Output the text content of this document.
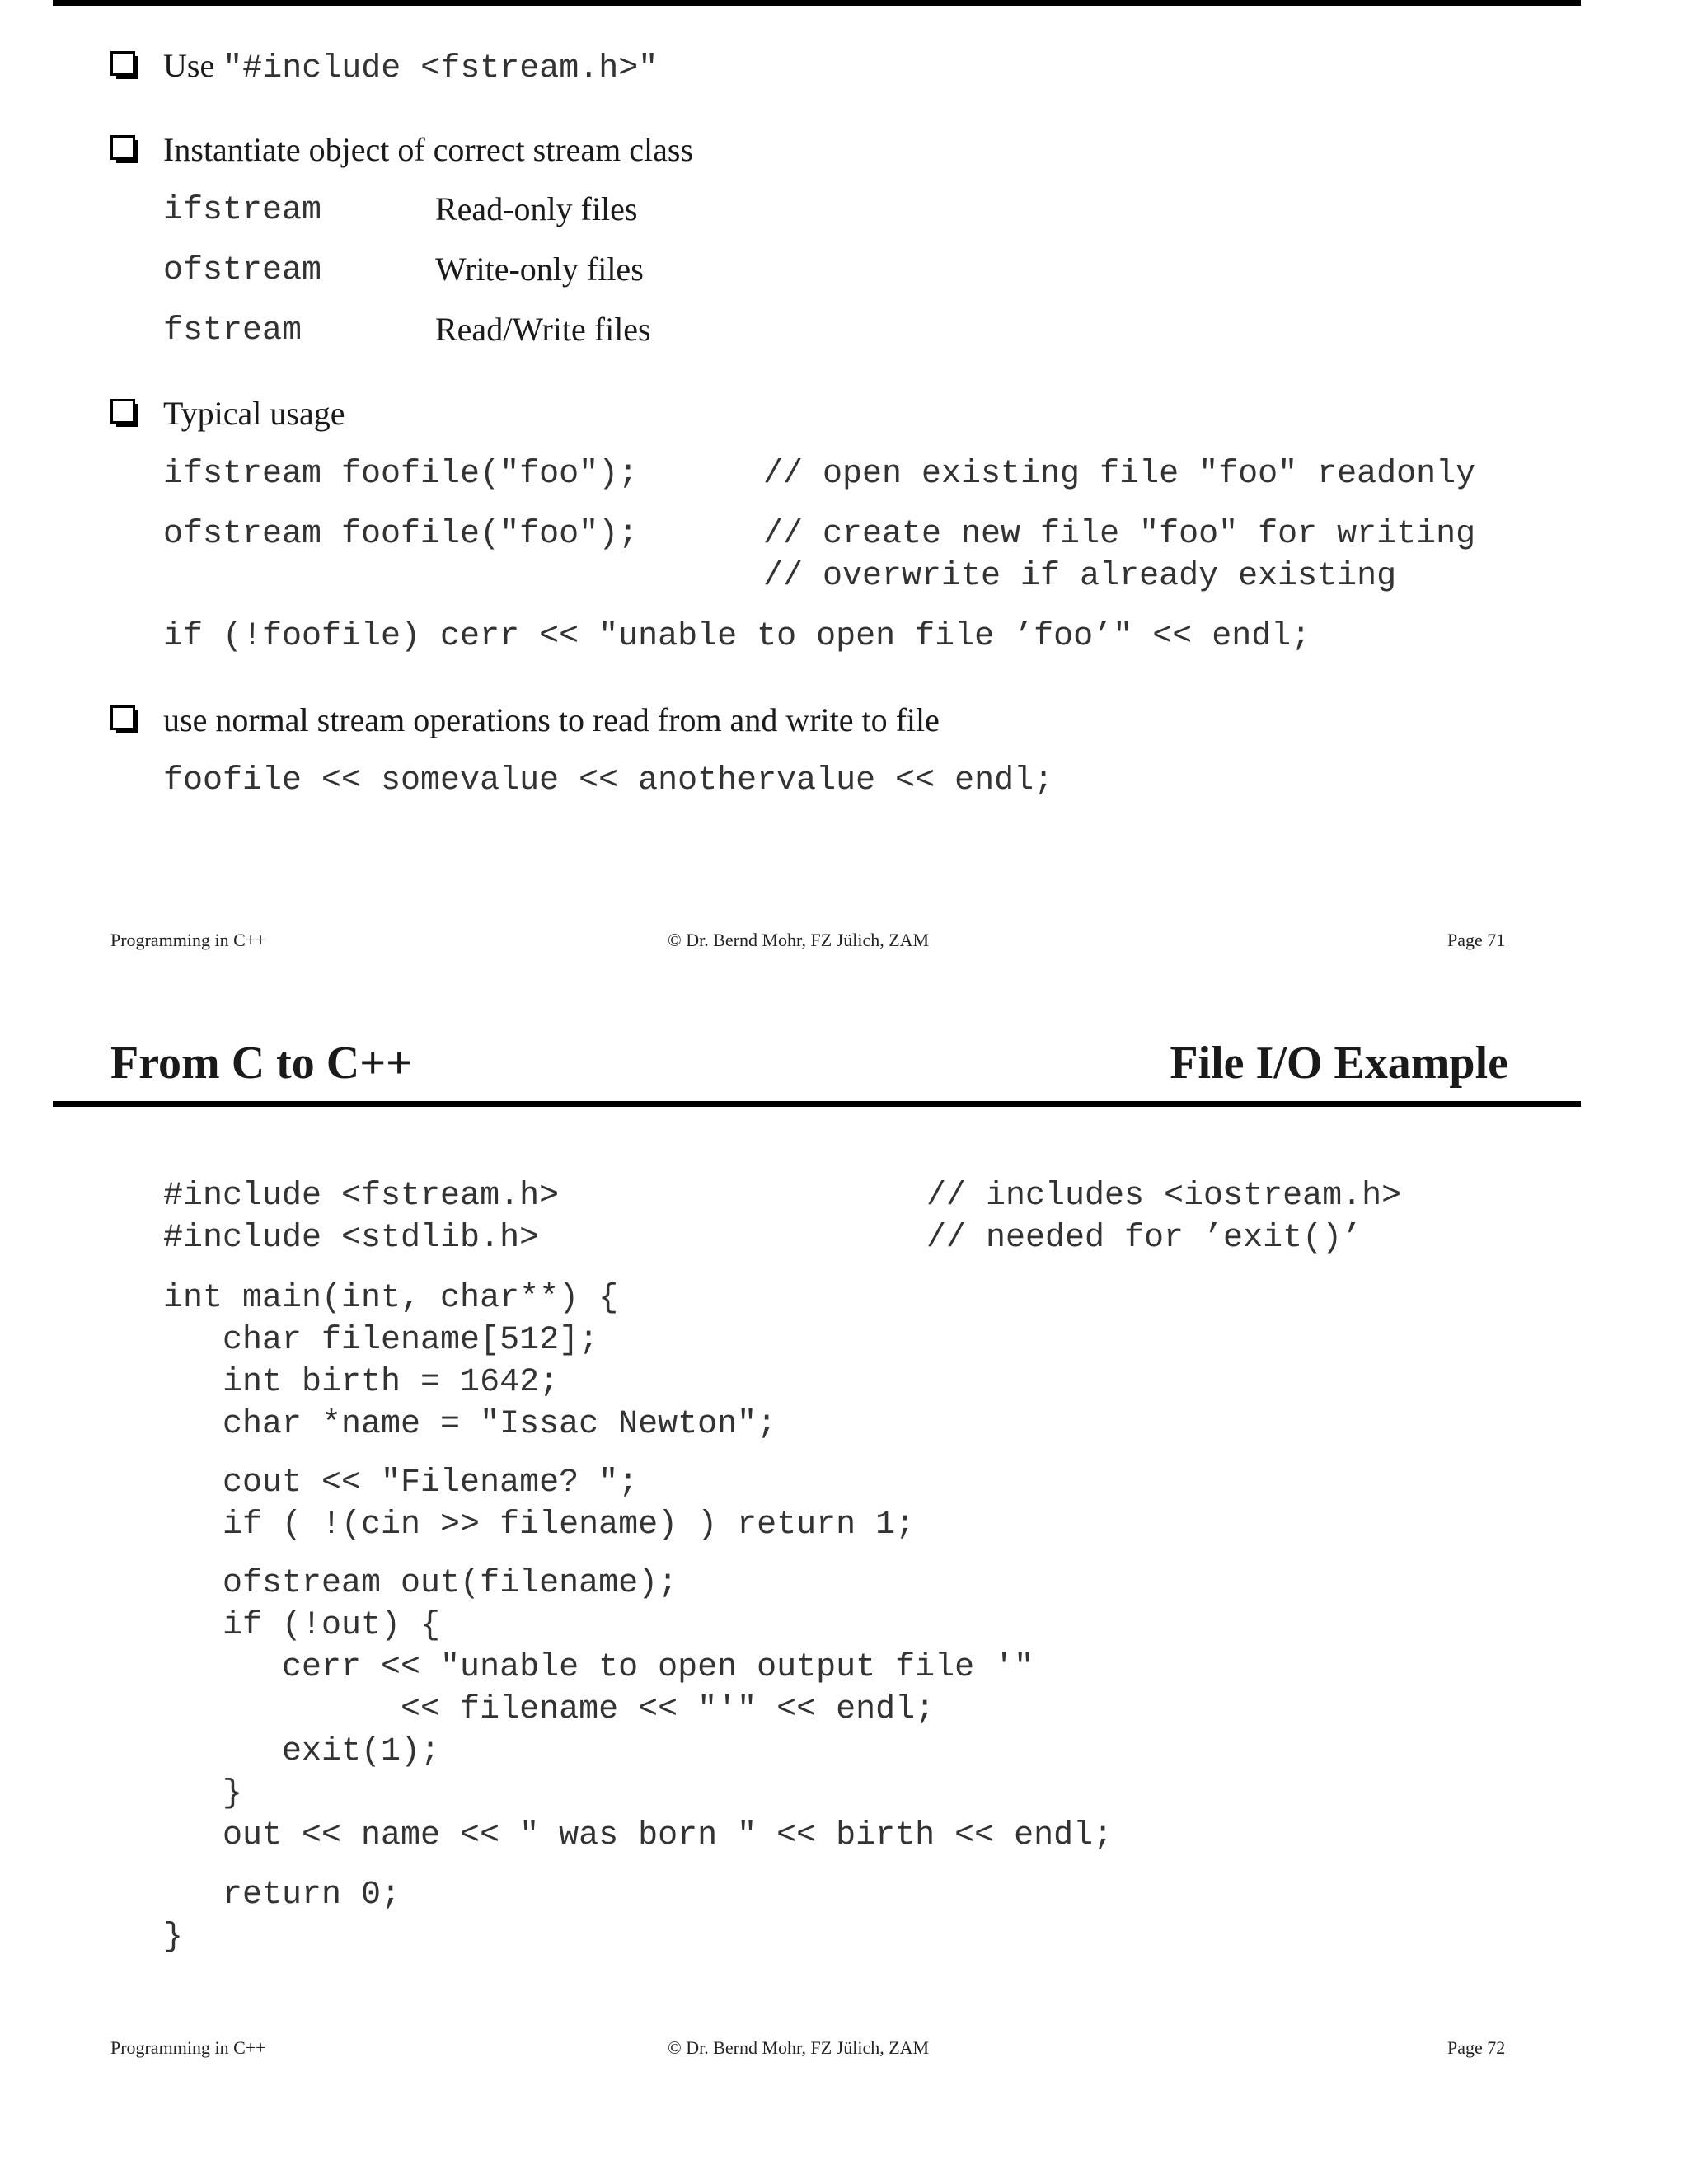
Use "#include <fstream.h>"
Instantiate object of correct stream class
ifstream	Read-only files
ofstream	Write-only files
fstream	Read/Write files
Typical usage
ifstream foofile("foo");	// open existing file "foo" readonly
ofstream foofile("foo");	// create new file "foo" for writing
// overwrite if already existing
if (!foofile) cerr << "unable to open file ’foo’" << endl;
use normal stream operations to read from and write to file
foofile << somevalue << anothervalue << endl;
Programming in C++	© Dr. Bernd Mohr, FZ Jülich, ZAM	Page 71
From C to C++	File I/O Example
#include <fstream.h>	// includes <iostream.h>
#include <stdlib.h>	// needed for ’exit()’
int main(int, char**) {
char filename[512];
int birth = 1642;
char *name = "Issac Newton";
cout << "Filename? ";
if ( !(cin >> filename) ) return 1;
ofstream out(filename);
if (!out) {
cerr << "unable to open output file '"
<< filename << "'" << endl;
exit(1);
}
out << name << " was born " << birth << endl;
return 0;
}
Programming in C++	© Dr. Bernd Mohr, FZ Jülich, ZAM	Page 72
